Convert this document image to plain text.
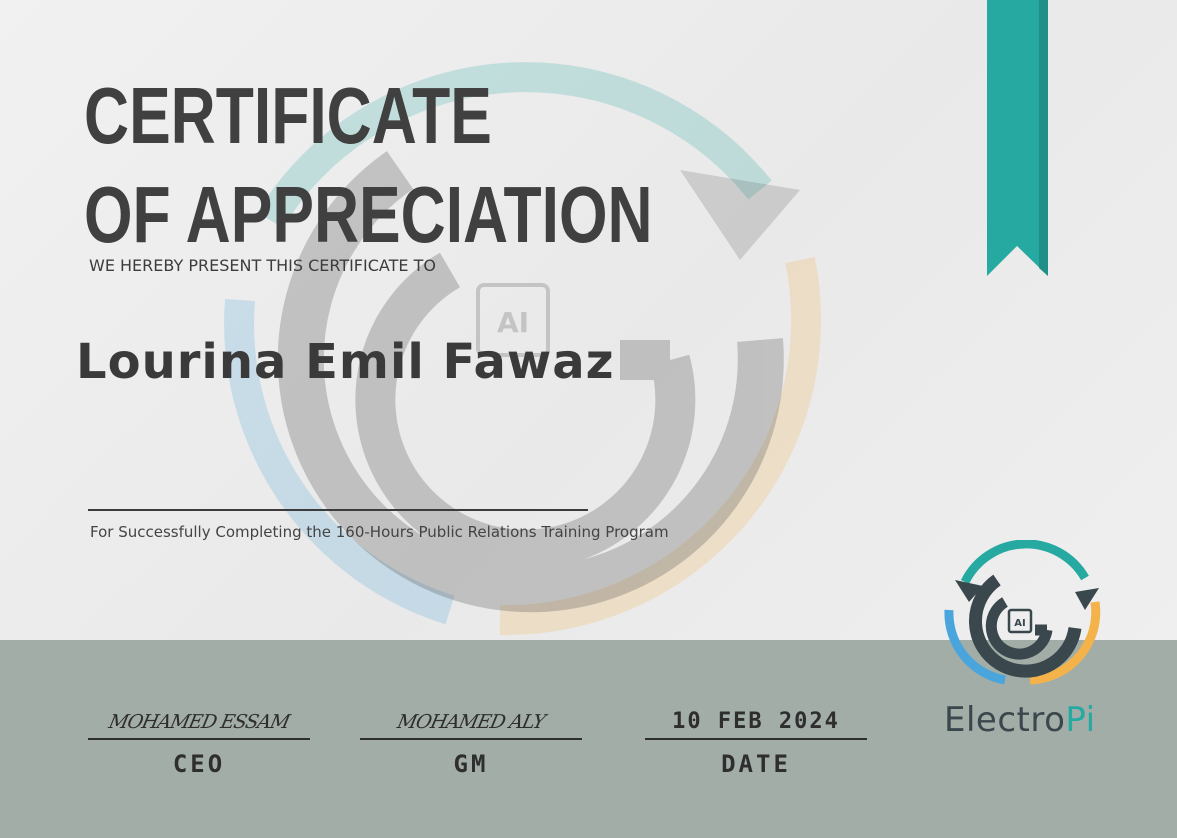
AI
CERTIFICATE
OF APPRECIATION
WE HEREBY PRESENT THIS CERTIFICATE TO
Lourina Emil Fawaz
For Successfully Completing the 160-Hours Public Relations Training Program
MOHAMED ESSAM
CEO
MOHAMED ALY
GM
10 FEB 2024
DATE
AI
ElectroPi
